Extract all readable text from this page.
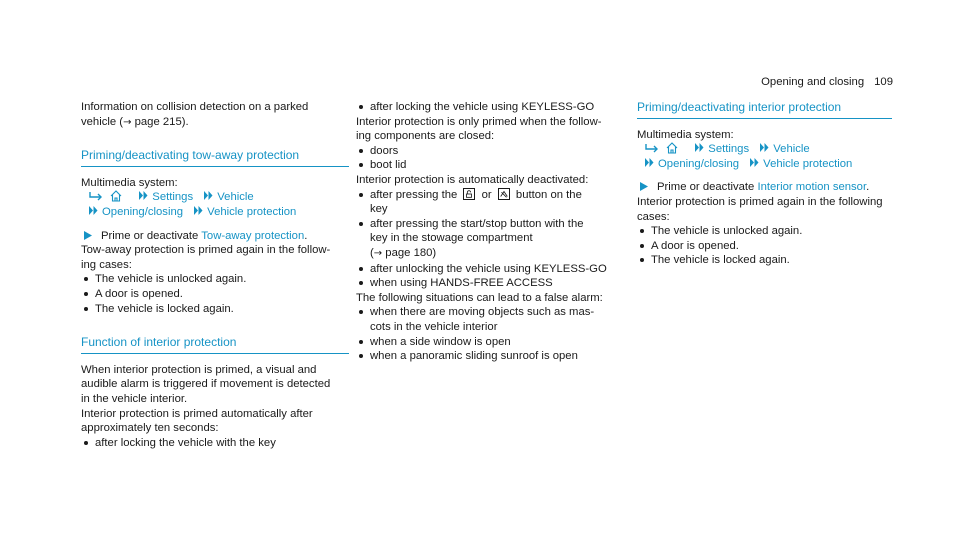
Opening and closing 109

Information on collision detection on a parked
vehicle (→ page 215).

Priming/deactivating tow-away protection

Multimedia system:

Settings Vehicle
Opening/closing Vehicle protection

Prime or deactivate Tow-away protection.

Tow-away protection is primed again in the follow-
ing cases:

The vehicle is unlocked again.
A door is opened.
The vehicle is locked again.
Function of interior protection

When interior protection is primed, a visual and
audible alarm is triggered if movement is detected
in the vehicle interior.

Interior protection is primed automatically after
approximately ten seconds:

after locking the vehicle with the key
after locking the vehicle using KEYLESS-GO

Interior protection is only primed when the follow-
ing components are closed:

doors
boot lid

Interior protection is automatically deactivated:

after pressing the or button on the
key
after pressing the start/stop button with the
key in the stowage compartment
(→ page 180)
after unlocking the vehicle using KEYLESS-GO
when using HANDS-FREE ACCESS

The following situations can lead to a false alarm:

when there are moving objects such as mas-
cots in the vehicle interior
when a side window is open
when a panoramic sliding sunroof is open
Priming/deactivating interior protection

Multimedia system:

Settings Vehicle
Opening/closing Vehicle protection

Prime or deactivate Interior motion sensor.

Interior protection is primed again in the following
cases:

The vehicle is unlocked again.
A door is opened.
The vehicle is locked again.
